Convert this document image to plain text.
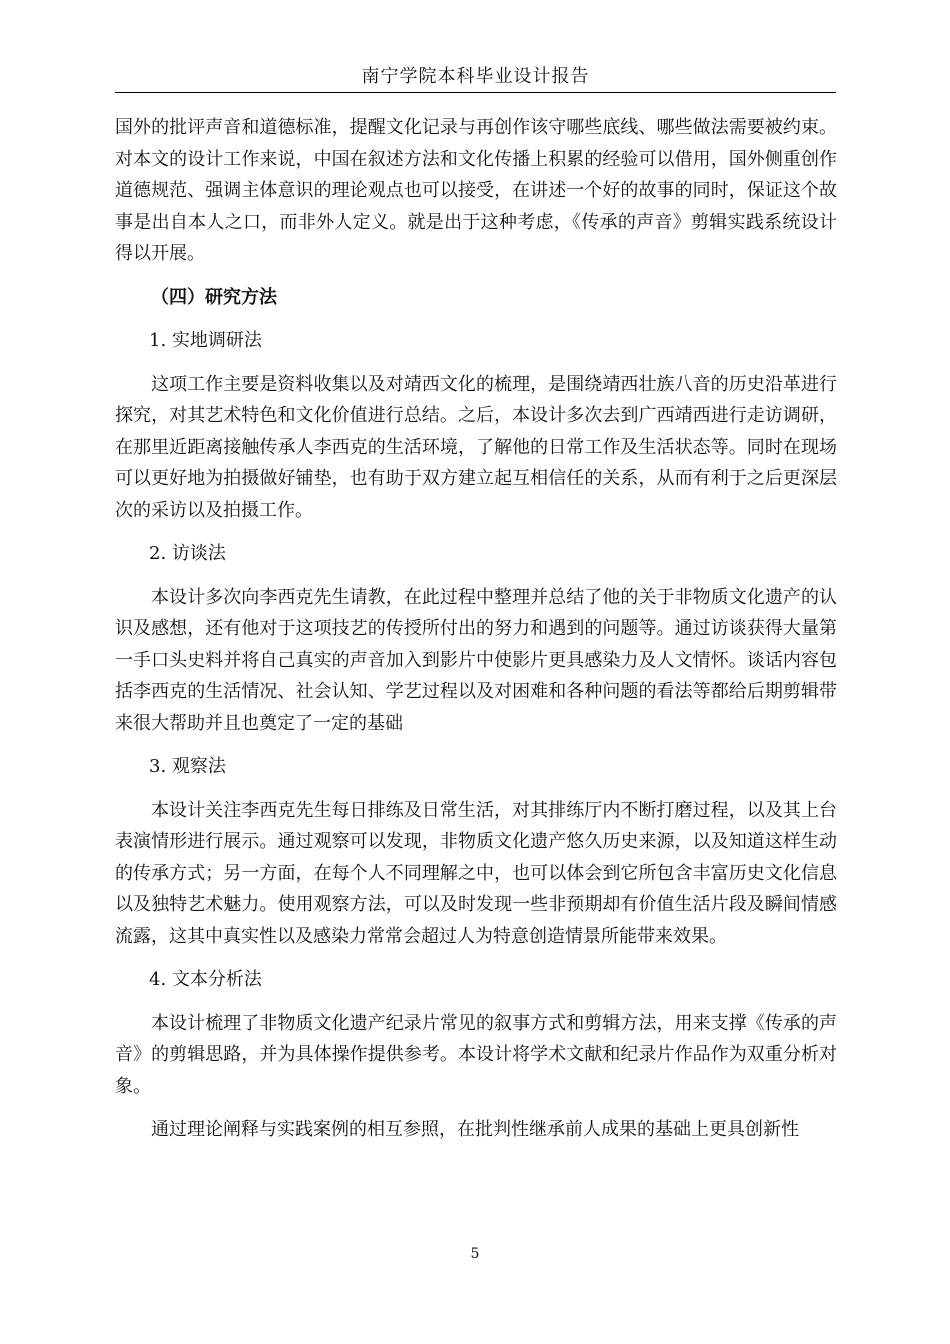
南宁学院本科毕业设计报告

国外的批评声音和道德标准，提醒文化记录与再创作该守哪些底线、哪些做法需要被约束。对本文的设计工作来说，中国在叙述方法和文化传播上积累的经验可以借用，国外侧重创作道德规范、强调主体意识的理论观点也可以接受，在讲述一个好的故事的同时，保证这个故事是出自本人之口，而非外人定义。就是出于这种考虑，《传承的声音》剪辑实践系统设计得以开展。

（四）研究方法
1. 实地调研法

这项工作主要是资料收集以及对靖西文化的梳理，是围绕靖西壮族八音的历史沿革进行探究，对其艺术特色和文化价值进行总结。之后，本设计多次去到广西靖西进行走访调研，在那里近距离接触传承人李西克的生活环境，了解他的日常工作及生活状态等。同时在现场可以更好地为拍摄做好铺垫，也有助于双方建立起互相信任的关系，从而有利于之后更深层次的采访以及拍摄工作。

2. 访谈法

本设计多次向李西克先生请教，在此过程中整理并总结了他的关于非物质文化遗产的认识及感想，还有他对于这项技艺的传授所付出的努力和遇到的问题等。通过访谈获得大量第一手口头史料并将自己真实的声音加入到影片中使影片更具感染力及人文情怀。谈话内容包括李西克的生活情况、社会认知、学艺过程以及对困难和各种问题的看法等都给后期剪辑带来很大帮助并且也奠定了一定的基础

3. 观察法

本设计关注李西克先生每日排练及日常生活，对其排练厅内不断打磨过程，以及其上台表演情形进行展示。通过观察可以发现，非物质文化遗产悠久历史来源，以及知道这样生动的传承方式；另一方面，在每个人不同理解之中，也可以体会到它所包含丰富历史文化信息以及独特艺术魅力。使用观察方法，可以及时发现一些非预期却有价值生活片段及瞬间情感流露，这其中真实性以及感染力常常会超过人为特意创造情景所能带来效果。

4. 文本分析法

本设计梳理了非物质文化遗产纪录片常见的叙事方式和剪辑方法，用来支撑《传承的声音》的剪辑思路，并为具体操作提供参考。本设计将学术文献和纪录片作品作为双重分析对象。

通过理论阐释与实践案例的相互参照，在批判性继承前人成果的基础上更具创新性

5
